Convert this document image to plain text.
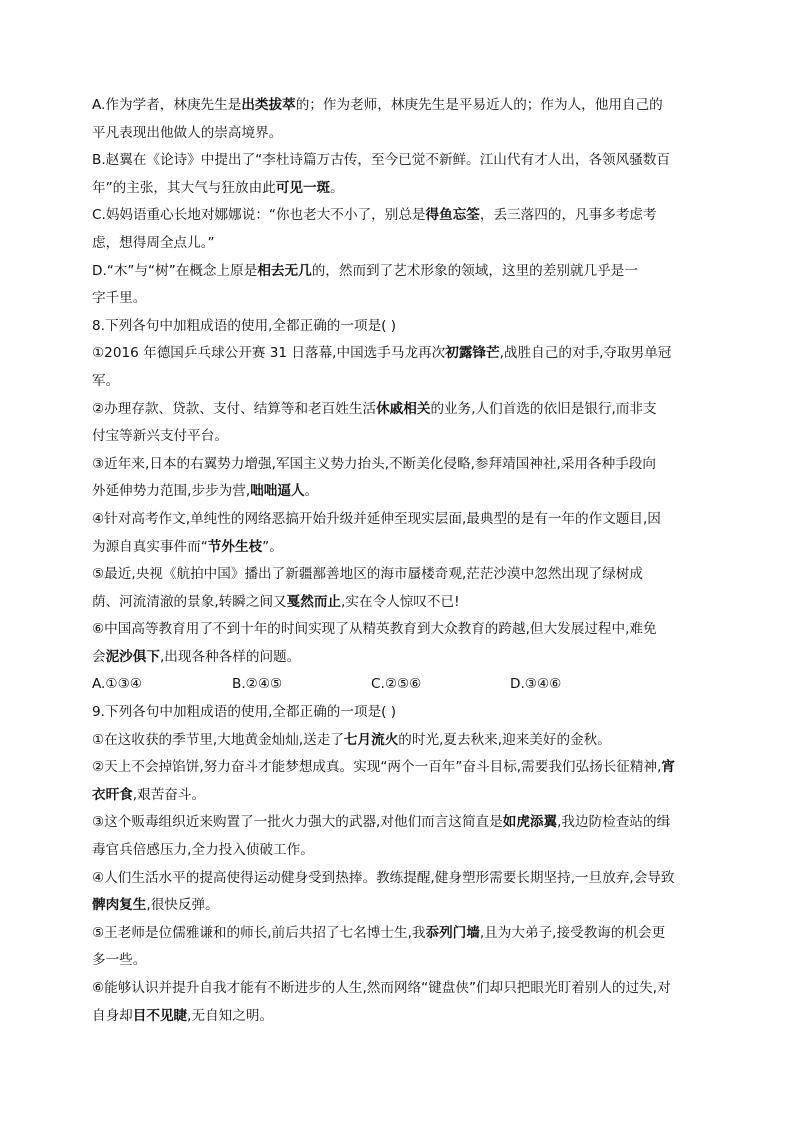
A.作为学者，林庚先生是出类拔萃的；作为老师，林庚先生是平易近人的；作为人，他用自己的
平凡表现出他做人的崇高境界。
B.赵翼在《论诗》中提出了“李杜诗篇万古传，至今已觉不新鲜。江山代有才人出，各领风骚数百
年”的主张，其大气与狂放由此可见一斑。
C.妈妈语重心长地对娜娜说：“你也老大不小了，别总是得鱼忘筌，丢三落四的，凡事多考虑考
虑，想得周全点儿。”
D.“木”与“树”在概念上原是相去无几的，然而到了艺术形象的领域，这里的差别就几乎是一
字千里。
8.下列各句中加粗成语的使用,全都正确的一项是( )
①2016 年德国乒乓球公开赛 31 日落幕,中国选手马龙再次初露锋芒,战胜自己的对手,夺取男单冠
军。
②办理存款、贷款、支付、结算等和老百姓生活休戚相关的业务,人们首选的依旧是银行,而非支
付宝等新兴支付平台。
③近年来,日本的右翼势力增强,军国主义势力抬头,不断美化侵略,参拜靖国神社,采用各种手段向
外延伸势力范围,步步为营,咄咄逼人。
④针对高考作文,单纯性的网络恶搞开始升级并延伸至现实层面,最典型的是有一年的作文题目,因
为源自真实事件而“节外生枝”。
⑤最近,央视《航拍中国》播出了新疆鄯善地区的海市蜃楼奇观,茫茫沙漠中忽然出现了绿树成
荫、河流清澈的景象,转瞬之间又戛然而止,实在令人惊叹不已!
⑥中国高等教育用了不到十年的时间实现了从精英教育到大众教育的跨越,但大发展过程中,难免
会泥沙俱下,出现各种各样的问题。
A.①③④	B.②④⑤	C.②⑤⑥	D.③④⑥
9.下列各句中加粗成语的使用,全都正确的一项是( )
①在这收获的季节里,大地黄金灿灿,送走了七月流火的时光,夏去秋来,迎来美好的金秋。
②天上不会掉馅饼,努力奋斗才能梦想成真。实现“两个一百年”奋斗目标,需要我们弘扬长征精神,宵
衣旰食,艰苦奋斗。
③这个贩毒组织近来购置了一批火力强大的武器,对他们而言这简直是如虎添翼,我边防检查站的缉
毒官兵倍感压力,全力投入侦破工作。
④人们生活水平的提高使得运动健身受到热捧。教练提醒,健身塑形需要长期坚持,一旦放弃,会导致
髀肉复生,很快反弹。
⑤王老师是位儒雅谦和的师长,前后共招了七名博士生,我忝列门墙,且为大弟子,接受教诲的机会更
多一些。
⑥能够认识并提升自我才能有不断进步的人生,然而网络“键盘侠”们却只把眼光盯着别人的过失,对
自身却目不见睫,无自知之明。
